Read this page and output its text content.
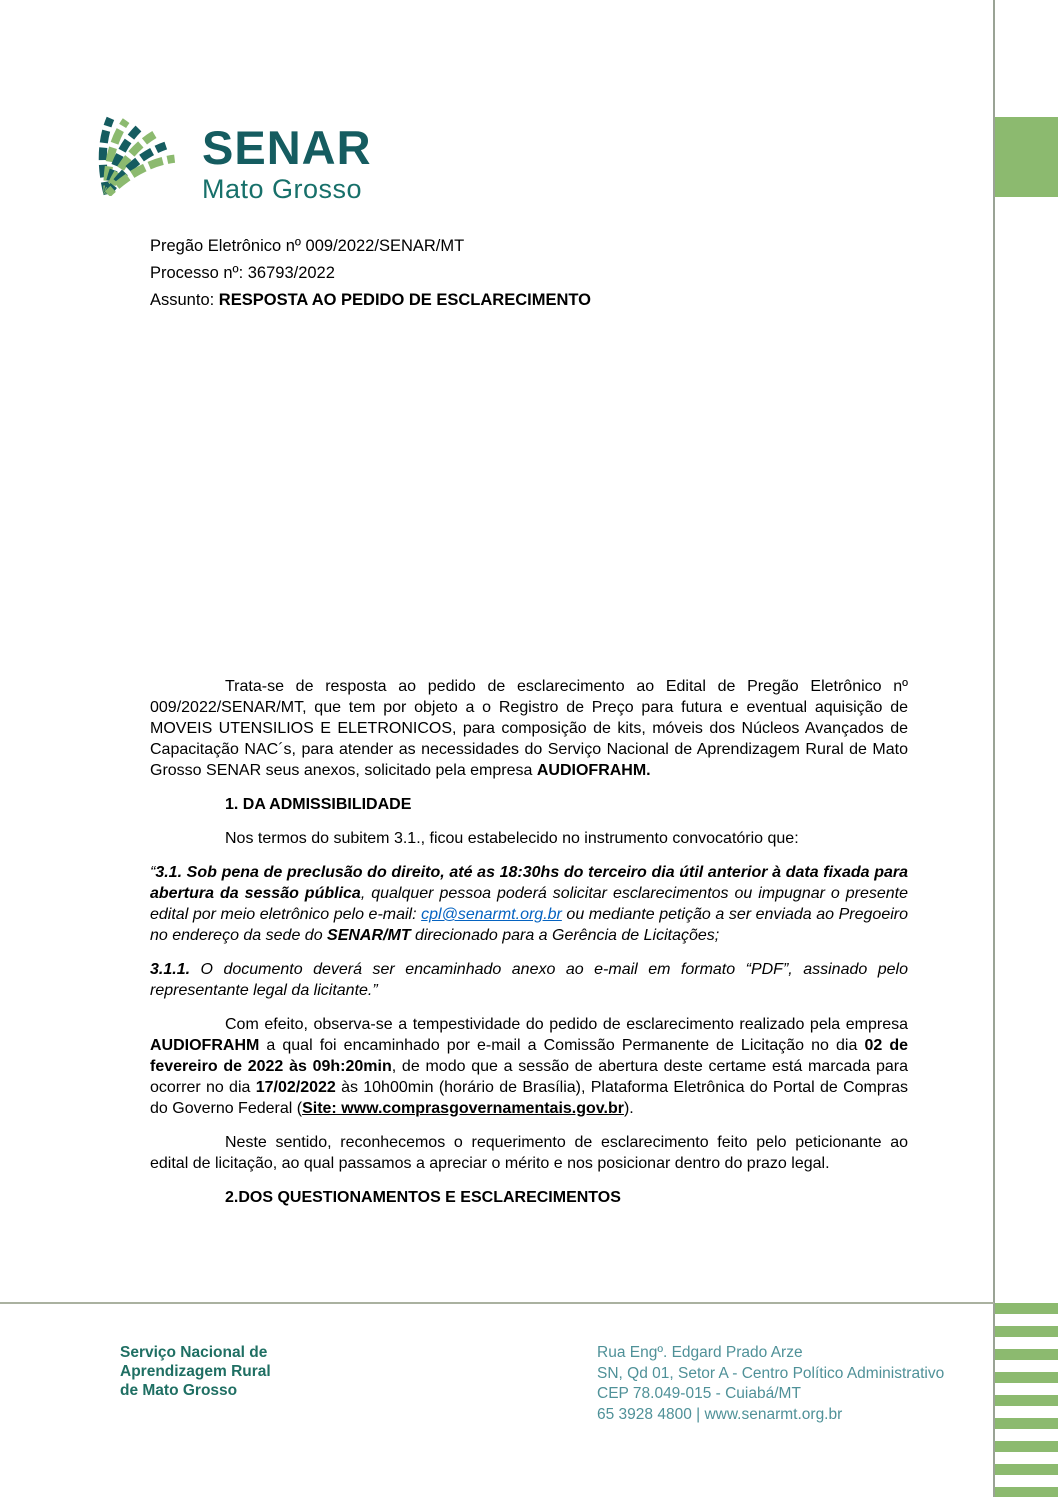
SENAR
Mato Grosso

Pregão Eletrônico nº 009/2022/SENAR/MT

Processo nº: 36793/2022

Assunto: RESPOSTA AO PEDIDO DE ESCLARECIMENTO

Trata-se de resposta ao pedido de esclarecimento ao Edital de Pregão Eletrônico nº 009/2022/SENAR/MT, que tem por objeto a o Registro de Preço para futura e eventual aquisição de MOVEIS UTENSILIOS E ELETRONICOS, para composição de kits, móveis dos Núcleos Avançados de Capacitação NAC´s, para atender as necessidades do Serviço Nacional de Aprendizagem Rural de Mato Grosso SENAR seus anexos, solicitado pela empresa AUDIOFRAHM.

1. DA ADMISSIBILIDADE

Nos termos do subitem 3.1., ficou estabelecido no instrumento convocatório que:

“3.1. Sob pena de preclusão do direito, até as 18:30hs do terceiro dia útil anterior à data fixada para abertura da sessão pública, qualquer pessoa poderá solicitar esclarecimentos ou impugnar o presente edital por meio eletrônico pelo e-mail: cpl@senarmt.org.br ou mediante petição a ser enviada ao Pregoeiro no endereço da sede do SENAR/MT direcionado para a Gerência de Licitações;

3.1.1. O documento deverá ser encaminhado anexo ao e-mail em formato “PDF”, assinado pelo representante legal da licitante.”

Com efeito, observa-se a tempestividade do pedido de esclarecimento realizado pela empresa AUDIOFRAHM a qual foi encaminhado por e-mail a Comissão Permanente de Licitação no dia 02 de fevereiro de 2022 às 09h:20min, de modo que a sessão de abertura deste certame está marcada para ocorrer no dia 17/02/2022 às 10h00min (horário de Brasília), Plataforma Eletrônica do Portal de Compras do Governo Federal (Site: www.comprasgovernamentais.gov.br).

Neste sentido, reconhecemos o requerimento de esclarecimento feito pelo peticionante ao edital de licitação, ao qual passamos a apreciar o mérito e nos posicionar dentro do prazo legal.

2.DOS QUESTIONAMENTOS E ESCLARECIMENTOS

Serviço Nacional de
Aprendizagem Rural
de Mato Grosso
Rua Engº. Edgard Prado Arze
SN, Qd 01, Setor A - Centro Político Administrativo
CEP 78.049-015 - Cuiabá/MT
65 3928 4800 | www.senarmt.org.br
